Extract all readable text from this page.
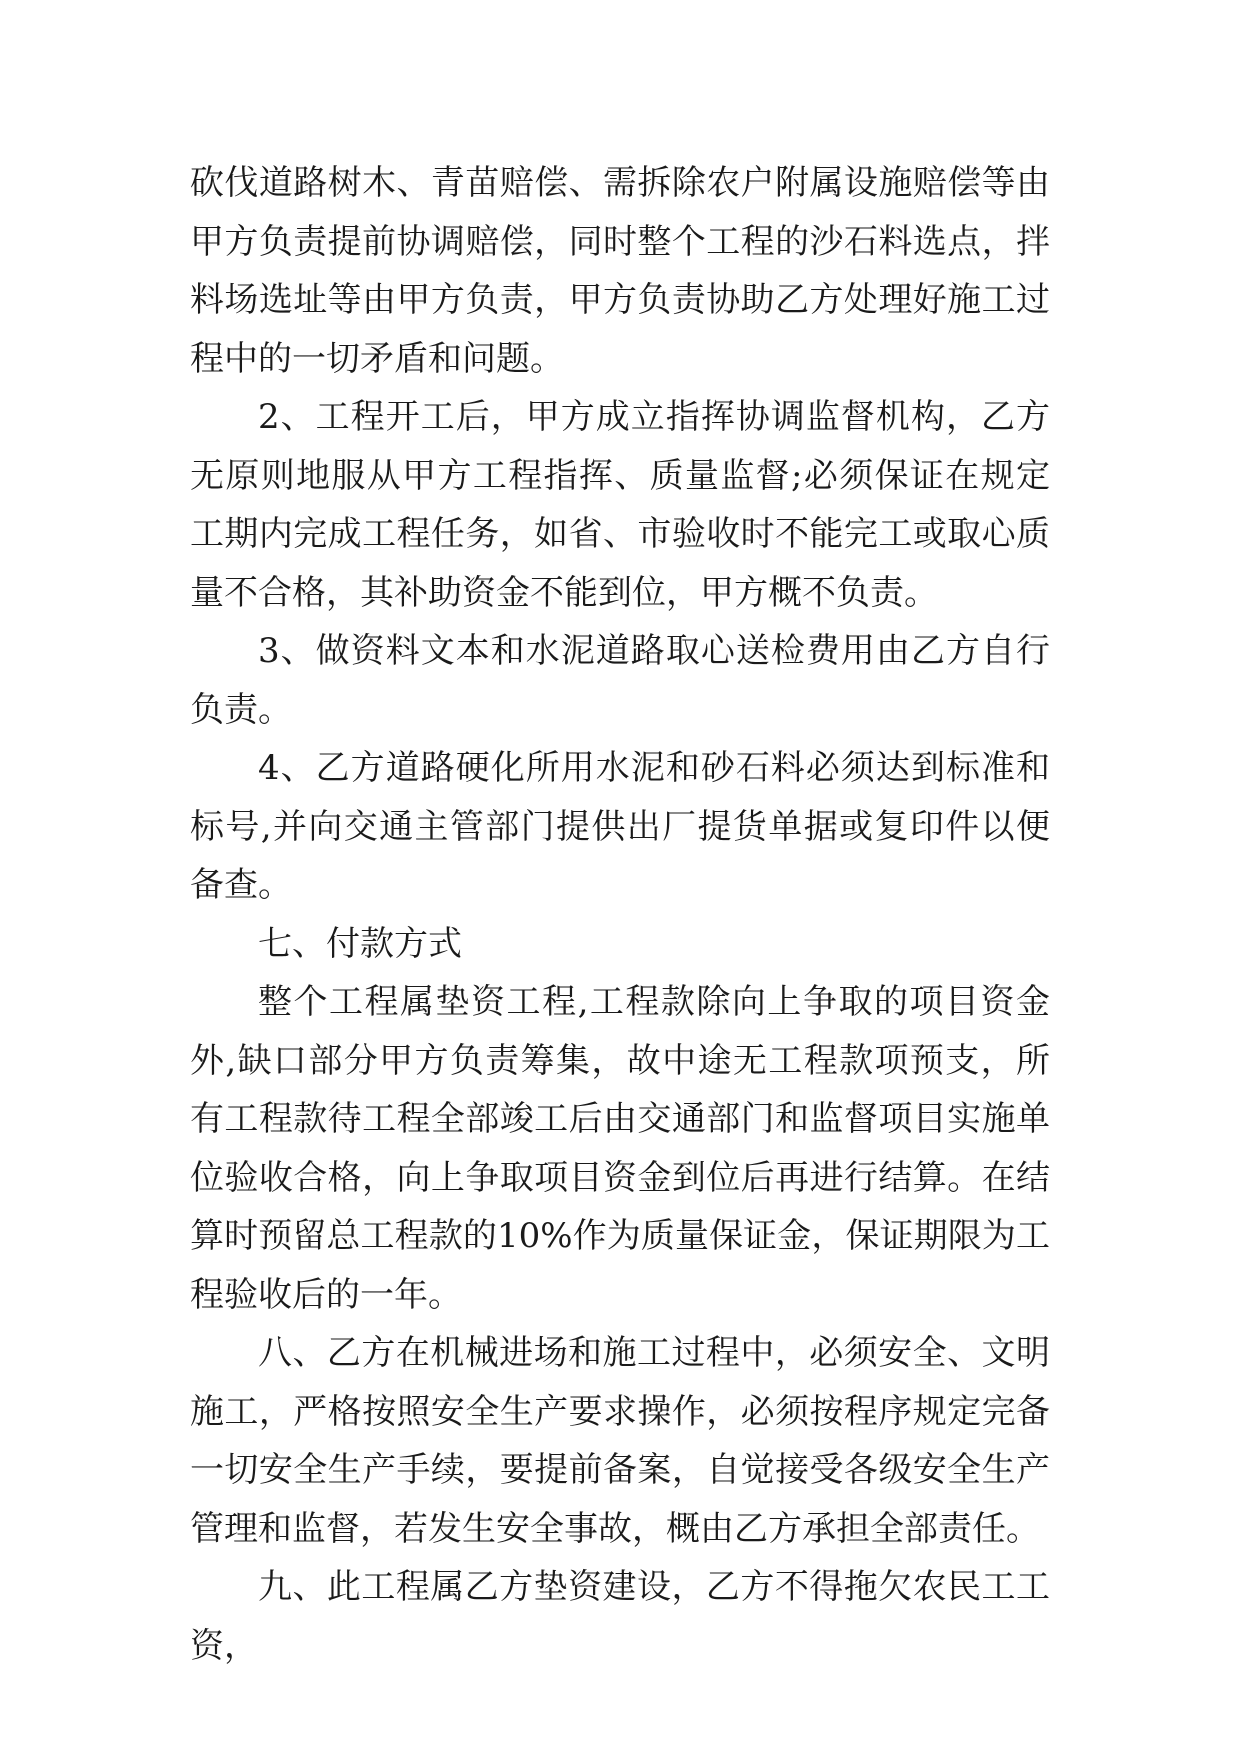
砍伐道路树木、青苗赔偿、需拆除农户附属设施赔偿等由甲方负责提前协调赔偿，同时整个工程的沙石料选点，拌料场选址等由甲方负责，甲方负责协助乙方处理好施工过程中的一切矛盾和问题。

2、工程开工后，甲方成立指挥协调监督机构，乙方无原则地服从甲方工程指挥、质量监督;必须保证在规定工期内完成工程任务，如省、市验收时不能完工或取心质量不合格，其补助资金不能到位，甲方概不负责。

3、做资料文本和水泥道路取心送检费用由乙方自行负责。

4、乙方道路硬化所用水泥和砂石料必须达到标准和标号,并向交通主管部门提供出厂提货单据或复印件以便备查。

七、付款方式

整个工程属垫资工程,工程款除向上争取的项目资金外,缺口部分甲方负责筹集，故中途无工程款项预支，所有工程款待工程全部竣工后由交通部门和监督项目实施单位验收合格，向上争取项目资金到位后再进行结算。在结算时预留总工程款的10%作为质量保证金，保证期限为工程验收后的一年。

八、乙方在机械进场和施工过程中，必须安全、文明施工，严格按照安全生产要求操作，必须按程序规定完备一切安全生产手续，要提前备案，自觉接受各级安全生产管理和监督，若发生安全事故，概由乙方承担全部责任。

九、此工程属乙方垫资建设，乙方不得拖欠农民工工资，
